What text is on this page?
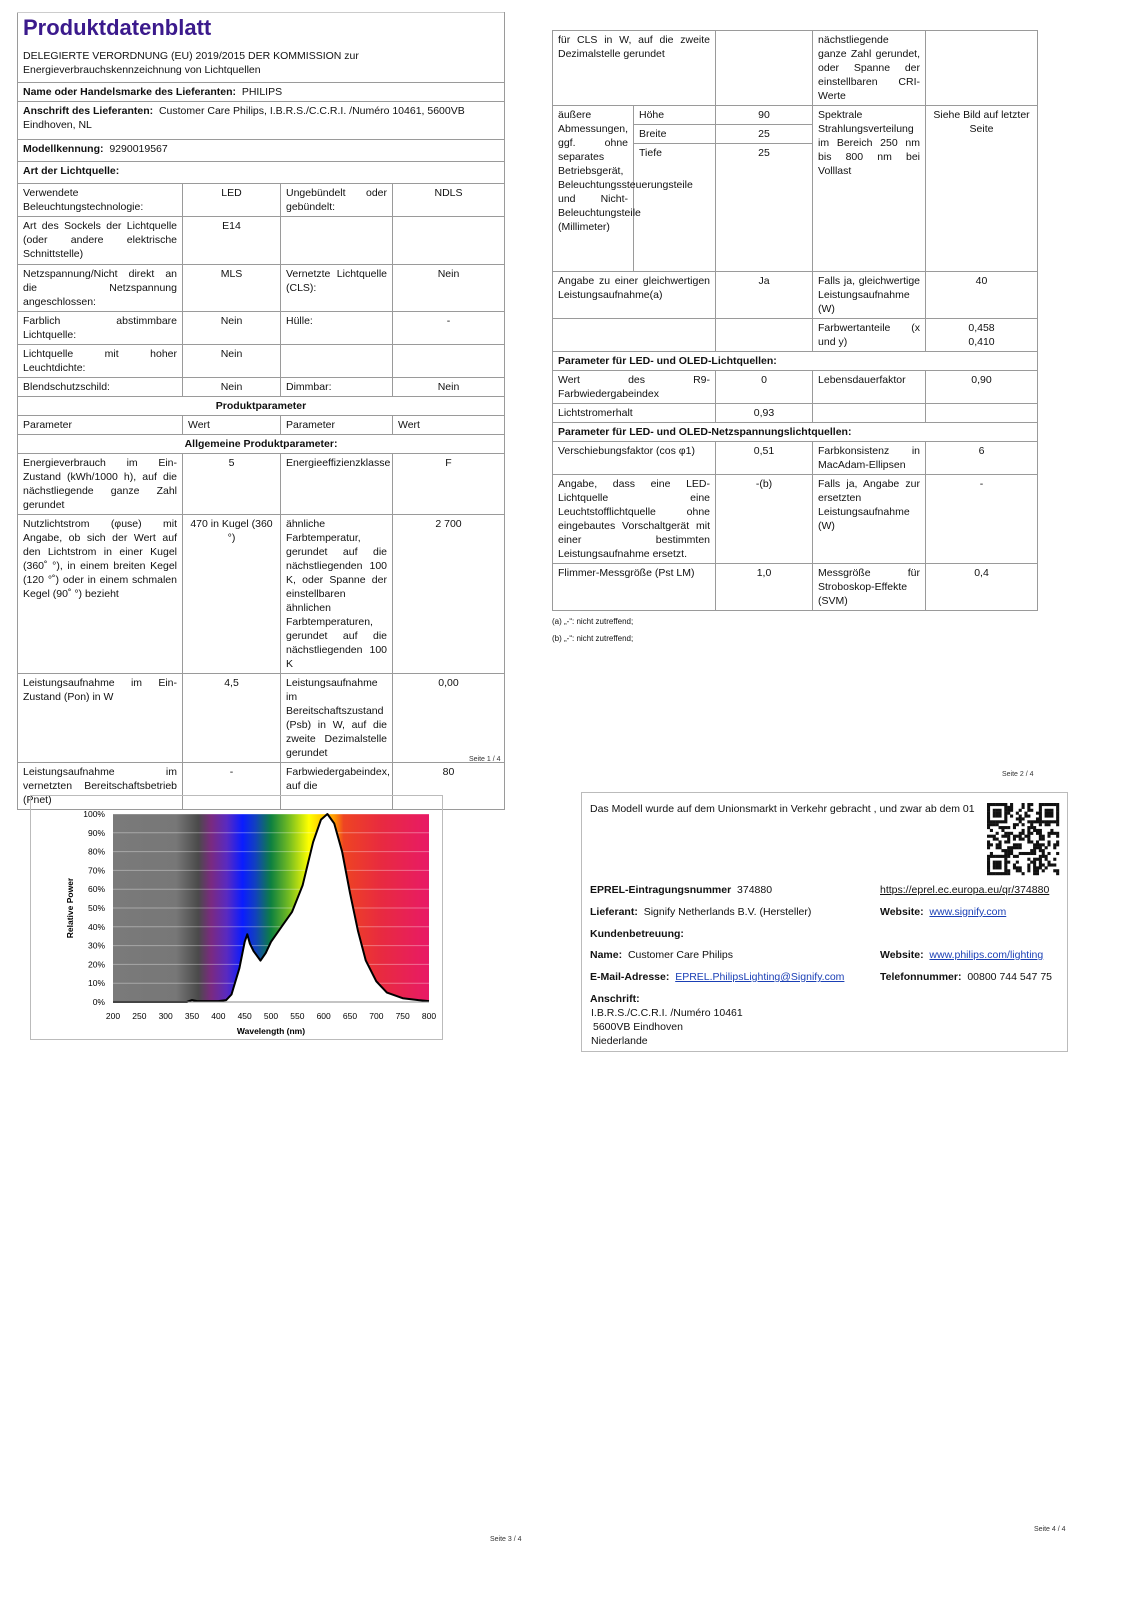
Produktdatenblatt
DELEGIERTE VERORDNUNG (EU) 2019/2015 DER KOMMISSION zur Energieverbrauchskennzeichnung von Lichtquellen			

Name oder Handelsmarke des Lieferanten: PHILIPS			
Anschrift des Lieferanten: Customer Care Philips, I.B.R.S./C.C.R.I. /Numéro 10461, 5600VB Eindhoven, NL			
Modellkennung: 9290019567			
Art der Lichtquelle:			
Verwendete Beleuchtungstechnologie:	LED	Ungebündelt oder gebündelt:	NDLS
Art des Sockels der Lichtquelle (oder andere elektrische Schnittstelle)	E14		
Netzspannung/Nicht direkt an die Netzspannung angeschlossen:	MLS	Vernetzte Lichtquelle (CLS):	Nein
Farblich abstimmbare Lichtquelle:	Nein	Hülle:	-
Lichtquelle mit hoher Leuchtdichte:	Nein		
Blendschutzschild:	Nein	Dimmbar:	Nein
Produktparameter			
Parameter	Wert	Parameter	Wert
Allgemeine Produktparameter:			
Energieverbrauch im Ein-Zustand (kWh/1000 h), auf die nächstliegende ganze Zahl gerundet	5	Energieeffizienzklasse	F
Nutzlichtstrom (φuse) mit Angabe, ob sich der Wert auf den Lichtstrom in einer Kugel (360˚ °), in einem breiten Kegel (120 °˚) oder in einem schmalen Kegel (90˚ °) bezieht	470 in Kugel (360 °)	ähnliche Farbtemperatur, gerundet auf die nächstliegenden 100 K, oder Spanne der einstellbaren ähnlichen Farbtemperaturen, gerundet auf die nächstliegenden 100 K	2 700
Leistungsaufnahme im Ein-Zustand (Pon) in W	4,5	Leistungsaufnahme im Bereitschaftszustand (Psb) in W, auf die zweite Dezimalstelle gerundet	0,00
Leistungsaufnahme im vernetzten Bereitschaftsbetrieb (Pnet)	-	Farbwiedergabeindex, auf die	80
Seite 1 / 4
für CLS in W, auf die zweite Dezimalstelle gerundet			nächstliegende ganze Zahl gerundet, oder Spanne der einstellbaren CRI-Werte	
äußere Abmessungen, ggf. ohne separates Betriebsgerät, Beleuchtungssteuerungsteile und Nicht-Beleuchtungsteile (Millimeter)	Höhe	90	Spektrale Strahlungsverteilung im Bereich 250 nm bis 800 nm bei Volllast	Siehe Bild auf letzter Seite
	Breite	25		
	Tiefe	25		
Angabe zu einer gleichwertigen Leistungsaufnahme(a)		Ja	Falls ja, gleichwertige Leistungsaufnahme (W)	40
			Farbwertanteile (x und y)	0,458
0,410
Parameter für LED- und OLED-Lichtquellen:				
Wert des R9-Farbwiedergabeindex		0	Lebensdauerfaktor	0,90
Lichtstromerhalt		0,93		
Parameter für LED- und OLED-Netzspannungslichtquellen:				
Verschiebungsfaktor (cos φ1)		0,51	Farbkonsistenz in MacAdam-Ellipsen	6
Angabe, dass eine LED-Lichtquelle eine Leuchtstofflichtquelle ohne eingebautes Vorschaltgerät mit einer bestimmten Leistungsaufnahme ersetzt.		-(b)	Falls ja, Angabe zur ersetzten Leistungsaufnahme (W)	-
Flimmer-Messgröße (Pst LM)		1,0	Messgröße für Stroboskop-Effekte (SVM)	0,4
(a) „-“: nicht zutreffend;
(b) „-“: nicht zutreffend;
Seite 2 / 4
0%
10%
20%
30%
40%
50%
60%
70%
80%
90%
100%
200 250 300 350 400 450 500 550 600 650 700 750 800
Wavelength (nm)
Relative Power
Seite 3 / 4
Das Modell wurde auf dem Unionsmarkt in Verkehr gebracht , und zwar ab dem 01
EPREL-Eintragungsnummer 374880	https://eprel.ec.europa.eu/qr/374880
Lieferant: Signify Netherlands B.V. (Hersteller)	Website: www.signify.com
Kundenbetreuung:
Name: Customer Care Philips	Website: www.philips.com/lighting
E-Mail-Adresse: EPREL.PhilipsLighting@Signify.com	Telefonnummer: 00800 744 547 75
Anschrift:
I.B.R.S./C.C.R.I. /Numéro 10461
5600VB Eindhoven
Niederlande
Seite 4 / 4
